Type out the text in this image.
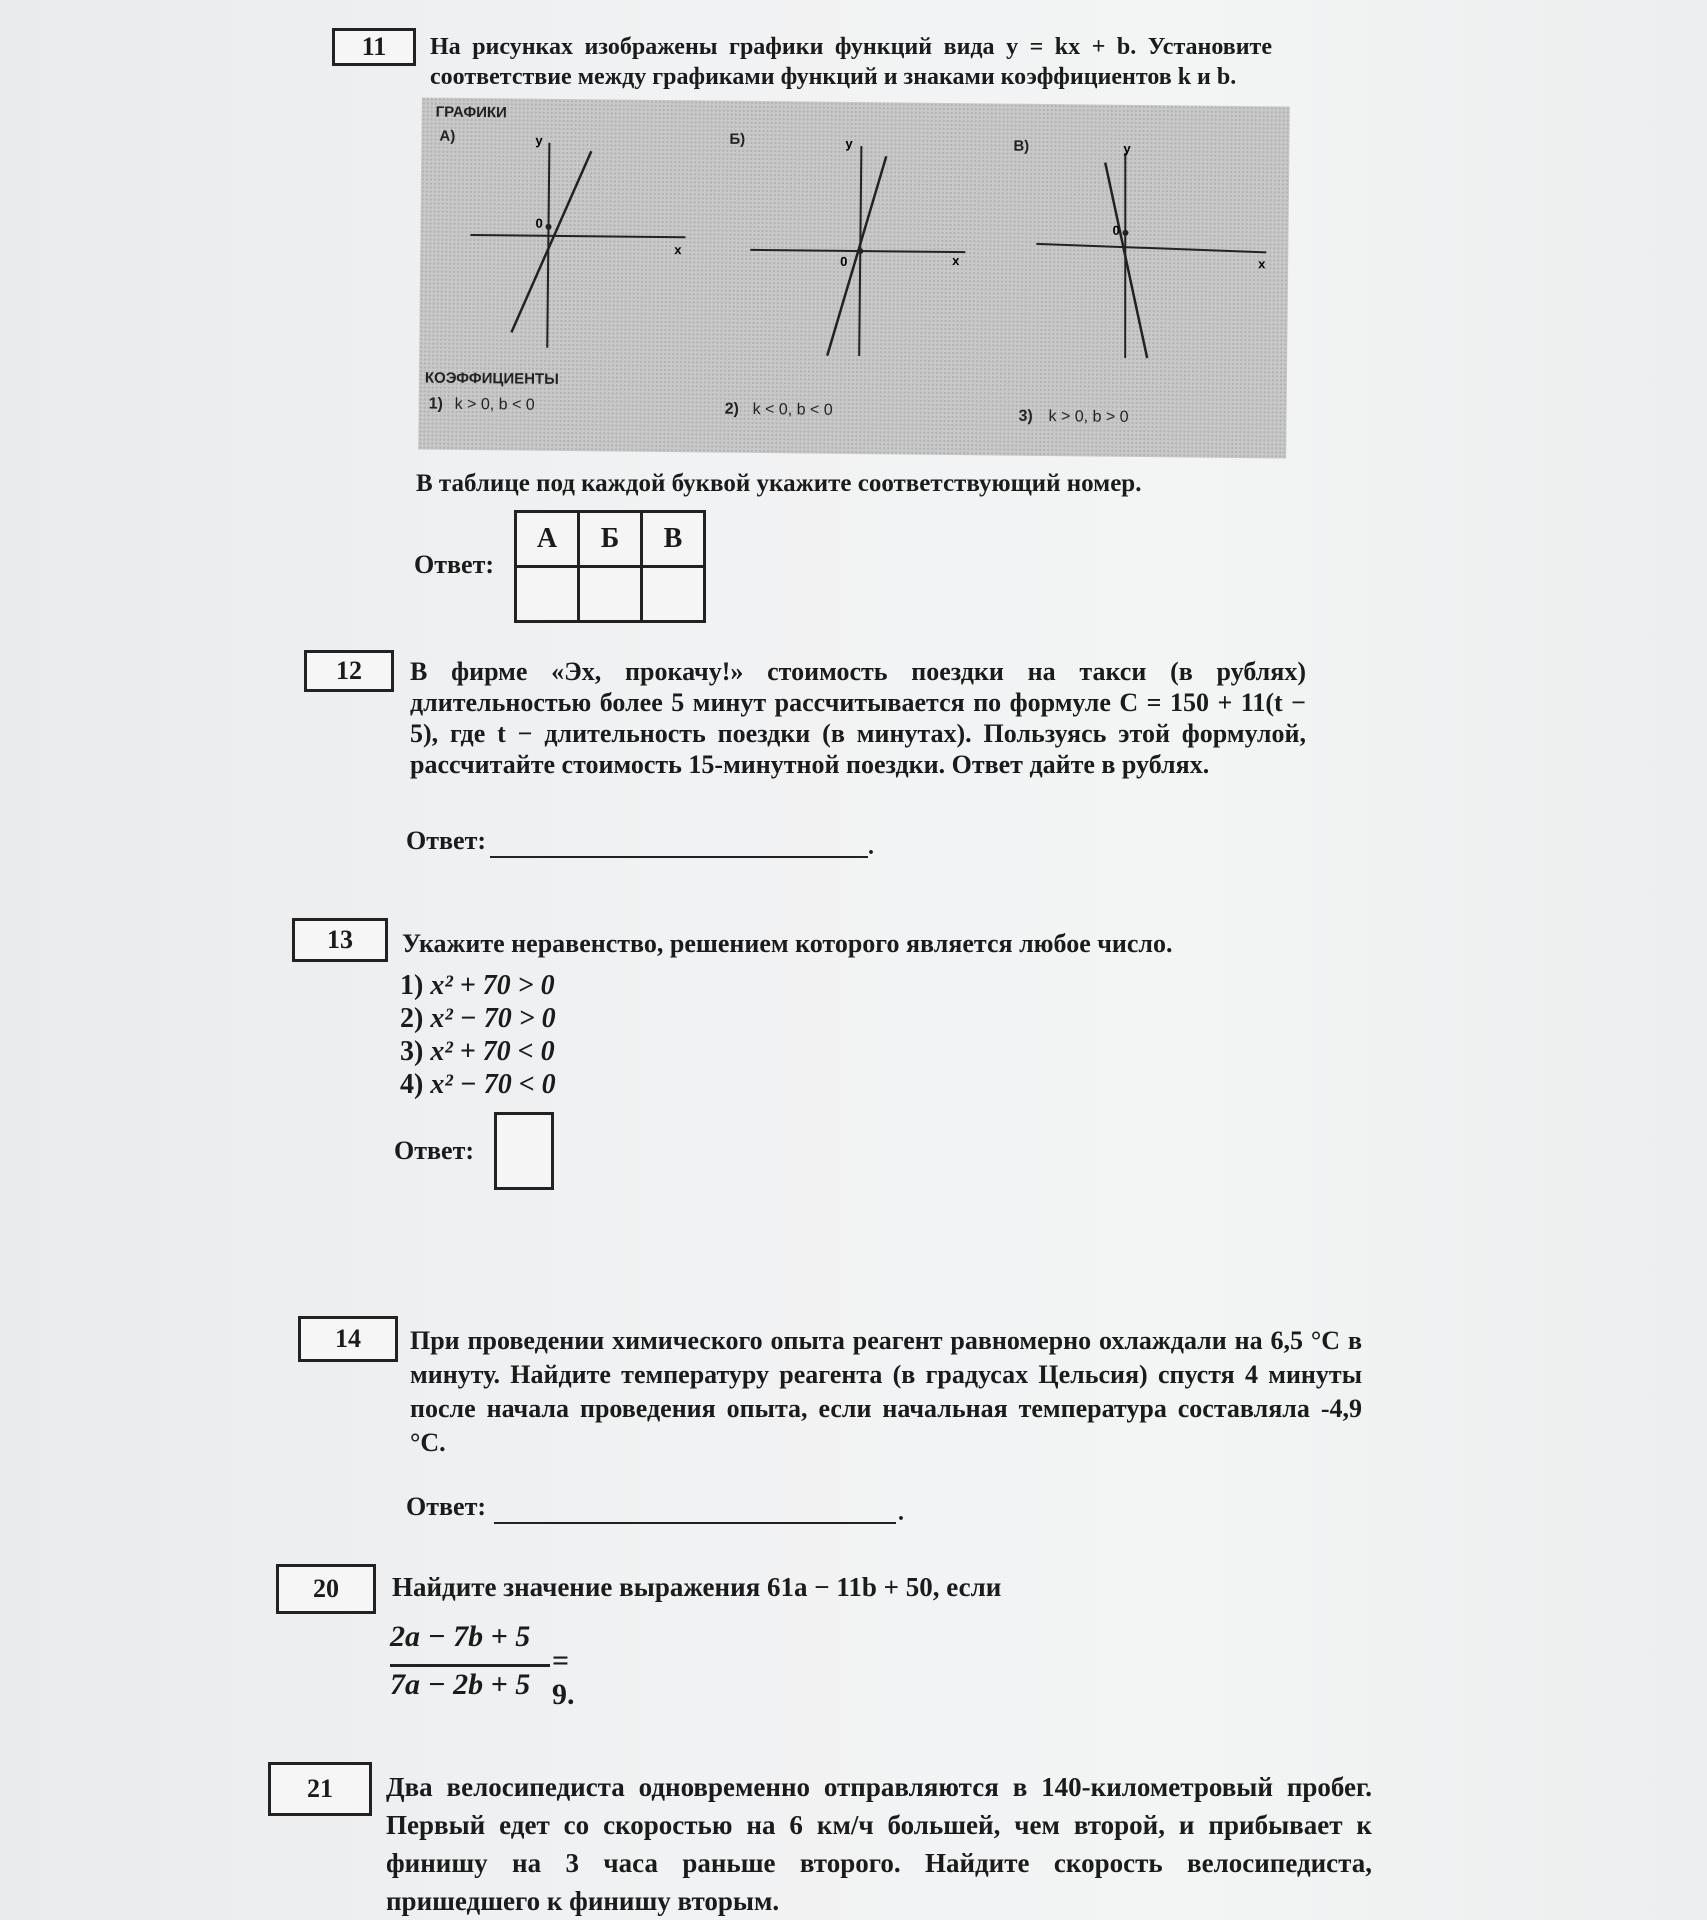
11	На рисунках изображены графики функций вида y = kx + b. Установите соответствие между графиками функций и знаками коэффициентов k и b.
ГРАФИКИ
А)	Б)	В)
0
y
x
0
y
x
0
y
x
КОЭФФИЦИЕНТЫ
1) k > 0, b < 0	2) k < 0, b < 0	3) k > 0, b > 0
В таблице под каждой буквой укажите соответствующий номер.
Ответ:
А	Б	В

12	В фирме «Эх, прокачу!» стоимость поездки на такси (в рублях) длительностью более 5 минут рассчитывается по формуле C = 150 + 11(t − 5), где t − длительность поездки (в минутах). Пользуясь этой формулой, рассчитайте стоимость 15-минутной поездки. Ответ дайте в рублях.
Ответ:	.
13	Укажите неравенство, решением которого является любое число.
1) x² + 70 > 0
2) x² − 70 > 0
3) x² + 70 < 0
4) x² − 70 < 0
Ответ:
14	При проведении химического опыта реагент равномерно охлаждали на 6,5 °С в минуту. Найдите температуру реагента (в градусах Цельсия) спустя 4 минуты после начала проведения опыта, если начальная температура составляла -4,9 °С.
Ответ:	.
20	Найдите значение выражения 61a − 11b + 50, если
2a − 7b + 5
7a − 2b + 5
= 9.
21	Два велосипедиста одновременно отправляются в 140-километровый пробег. Первый едет со скоростью на 6 км/ч большей, чем второй, и прибывает к финишу на 3 часа раньше второго. Найдите скорость велосипедиста, пришедшего к финишу вторым.
